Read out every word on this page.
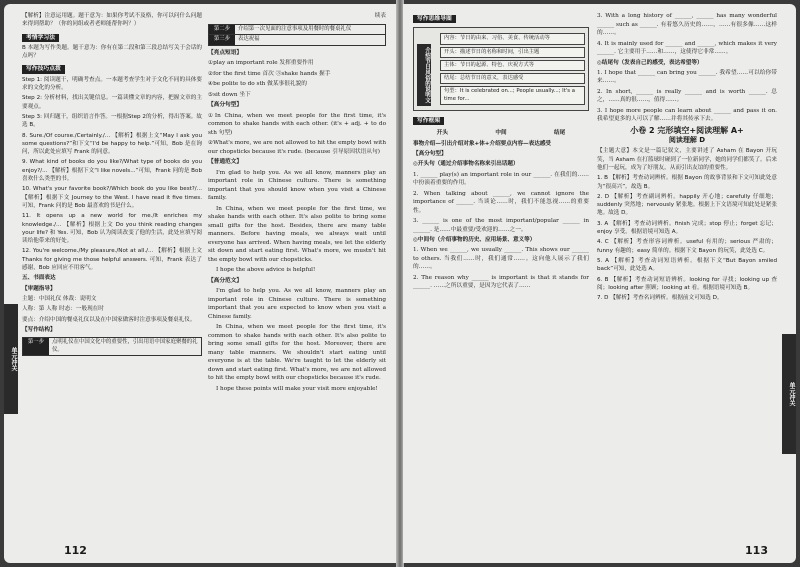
单元冲关

【解析】注意运用题。题干意为：如果你考试不及格，你可以问什么问题来得到帮助？（你的同组或者老师能帮你吗？）

考情学习法

B 本题为写作类题。题干意为：你有在第二段和第三段总结写关于会话的点吗？

写作技巧点拨

Step 1: 阅读题干，明确考查点。一本题考查学生对于文化不同的具体要求的文化的分析。

Step 2: 分析材料，找出关键信息。一篇读懂文章的内容，把握文章的主要观点。

Step 3: 回归题干，组织语言作答。一根据Step 2的分析，得出答案。故选 B。

8. Sure./Of course./Certainly./... 【解析】根据上文“May I ask you some questions?”和下文“I'd be happy to help.”可知，Bob 是在询问，所以此处应填写 Frank 的同意。

9. What kind of books do you like?/What type of books do you enjoy?/... 【解析】根据下文“I like novels...”可知，Frank 问的是 Bob 喜欢什么类型的书。

10. What's your favorite book?/Which book do you like best?/... 【解析】根据下文 Journey to the West. I have read it five times. 可知，Frank 问的是 Bob 最喜欢的书是什么。

11. It opens up a new world for me./It enriches my knowledge./... 【解析】根据上文 Do you think reading changes your life? 和 Yes. 可知，Bob 认为阅读改变了他的生活，此处应填写阅读给他带来的好处。

12. You're welcome./My pleasure./Not at all./... 【解析】根据上文 Thanks for giving me those helpful answers. 可知，Frank 表达了感谢，Bob 应回应不用客气。

五、书面表达

【审题指导】

主题：中国礼仪 体裁：说明文

人称：第 人称 时态：一般现在时

要点：介绍中国的餐桌礼仪以及在中国家做客时注意事项及餐桌礼仪。

【写作结构】

第一步	点明礼仪在中国文化中的重要性，引出用语中国家庭聚餐的礼仪。
续表
第二步	介绍第一次见面的注意事项及用餐时的餐桌礼仪
第三步	表达祝福

【亮点短语】

①play an important role 发挥重要作用

②for the first time 首次 ③shake hands 握手

④be polite to do sth 做某事很礼貌的

⑤sit down 坐下

【高分句型】

①In China, when we meet people for the first time, it's common to shake hands with each other. (it's + adj. + to do sth 句型)

②What's more, we are not allowed to hit the empty bowl with our chopsticks because it's rude. (because 引导原因状语从句)

【普通范文】

I'm glad to help you. As we all know, manners play an important role in Chinese culture. There is something important that you should know when you visit a Chinese family.

In China, when we meet people for the first time, we shake hands with each other. It's also polite to bring some small gifts for the host. Besides, there are many table manners. Before having meals, we always wait until everyone has arrived. When having meals, we let the elderly sit down and start eating first. What's more, we mustn't hit the empty bowl with our chopsticks.

I hope the above advice is helpful!

【高分范文】

I'm glad to help you. As we all know, manners play an important role in Chinese culture. There is something important that you are expected to know when you visit a Chinese family.

In China, when we meet people for the first time, it's common to shake hands with each other. It's also polite to bring some small gifts for the host. Moreover, there are many table manners. We shouldn't start eating until everyone is at the table. We're taught to let the elderly sit down and start eating first. What's more, we are not allowed to hit the empty bowl with our chopsticks because it's rude.

I hope these points will make your visit more enjoyable!

112
单元冲关
写作思维导图
介绍节日风俗的说明文
内容：节日的由来、习俗、美食、传统活动等
开头：描述节日的名称和时间，引出主题
主体：节日的起源、特色、庆祝方式等
结尾：总结节日的意义，表达感受
句型：It is celebrated on...; People usually...; It's a time for...
写作框架
开头	中间	结尾

事物介绍—引出介绍对象+体+介绍要点内容—表达感受

【高分句型】

◎开头句（通过介绍事物名称来引出话题）

1. ______ play(s) an important role in our ______. 在我们的……中扮演着重要的作用。

2. When talking about ______, we cannot ignore the importance of ______. 当谈论……时，我们不能忽视……的重要性。

3. ______ is one of the most important/popular ______ in ______. 是……中最重要/受欢迎的……之一。

◎中间句（介绍事物的历史、应用场景、意义等）

1. When we ______, we usually ______. This shows our ______ to others. 当我们……时，我们通常……。这向他人展示了我们的……。

2. The reason why ______ is important is that it stands for ______. ……之所以重要，是因为它代表了……

3. With a long history of ______, ______ has many wonderful ______ such as ______. 有着悠久历史的……，……有很多像……这样的……。

4. It is mainly used for ______ and ______, which makes it very ______. 它主要用于……和……，这使得它非常……。

◎结尾句（发表自己的感受，表达希望等）

1. I hope that ______ can bring you ______. 我希望……可以给你带来……。

2. In short, ______ is really ______ and is worth ______. 总之，……真的很……，值得……。

3. I hope more people can learn about ______ and pass it on. 我希望更多的人可以了解……并将其传承下去。

小卷 2 完形填空+阅读理解 A+
阅读理解 D

【主题大意】本文是一篇记叙文，主要讲述了 Asham 在 Bayon 开玩笑，当 Asham 在打篮球时碰到了一位新同学，她的同学们都笑了。后来他们一起玩，成为了好朋友，从而引出友谊的重要性。

1. B 【解析】考查动词辨析。根据 Bayon 的故事背景和下文可知此处意为“很高兴”。故选 B。

2. D 【解析】考查副词辨析。happily 开心地；carefully 仔细地；suddenly 突然地；nervously 紧张地。根据上下文语境可知此处是紧张地。故选 D。

3. A 【解析】考查动词辨析。finish 完成；stop 停止；forget 忘记；enjoy 享受。根据语境可知选 A。

4. C 【解析】考查形容词辨析。useful 有用的；serious 严肃的；funny 有趣的；easy 简单的。根据下文 Bayon 的玩笑，此处选 C。

5. A 【解析】考查动词短语辨析。根据下文“But Bayon smiled back”可知，此处选 A。

6. B 【解析】考查动词短语辨析。looking for 寻找；looking up 查阅；looking after 照顾；looking at 看。根据语境可知选 B。

7. D 【解析】考查名词辨析。根据前文可知选 D。

113
